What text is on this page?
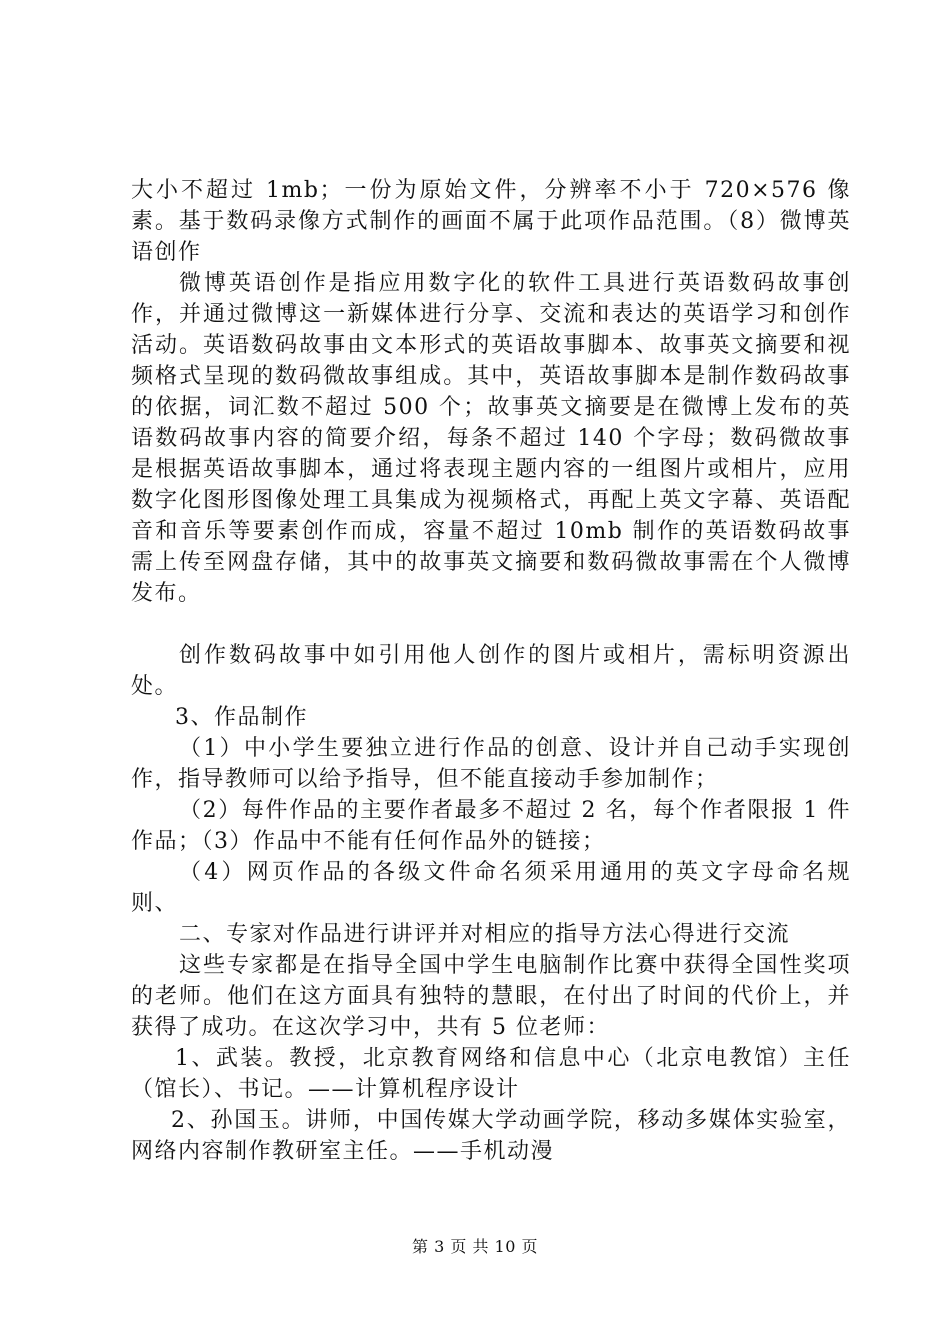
大小不超过 1mb；一份为原始文件，分辨率不小于 720×576 像素。基于数码录像方式制作的画面不属于此项作品范围。（8）微博英语创作

微博英语创作是指应用数字化的软件工具进行英语数码故事创作，并通过微博这一新媒体进行分享、交流和表达的英语学习和创作活动。英语数码故事由文本形式的英语故事脚本、故事英文摘要和视频格式呈现的数码微故事组成。其中，英语故事脚本是制作数码故事的依据，词汇数不超过 500 个；故事英文摘要是在微博上发布的英语数码故事内容的简要介绍，每条不超过 140 个字母；数码微故事是根据英语故事脚本，通过将表现主题内容的一组图片或相片，应用数字化图形图像处理工具集成为视频格式，再配上英文字幕、英语配音和音乐等要素创作而成，容量不超过 10mb 制作的英语数码故事需上传至网盘存储，其中的故事英文摘要和数码微故事需在个人微博发布。

创作数码故事中如引用他人创作的图片或相片，需标明资源出处。

3、作品制作

（1）中小学生要独立进行作品的创意、设计并自己动手实现创作，指导教师可以给予指导，但不能直接动手参加制作；

（2）每件作品的主要作者最多不超过 2 名，每个作者限报 1 件作品；（3）作品中不能有任何作品外的链接；

（4）网页作品的各级文件命名须采用通用的英文字母命名规则、

二、专家对作品进行讲评并对相应的指导方法心得进行交流

这些专家都是在指导全国中学生电脑制作比赛中获得全国性奖项的老师。他们在这方面具有独特的慧眼，在付出了时间的代价上，并获得了成功。在这次学习中，共有 5 位老师：

1、武装。教授，北京教育网络和信息中心（北京电教馆）主任（馆长）、书记。——计算机程序设计

2、孙国玉。讲师，中国传媒大学动画学院，移动多媒体实验室，网络内容制作教研室主任。——手机动漫

第 3 页 共 10 页
